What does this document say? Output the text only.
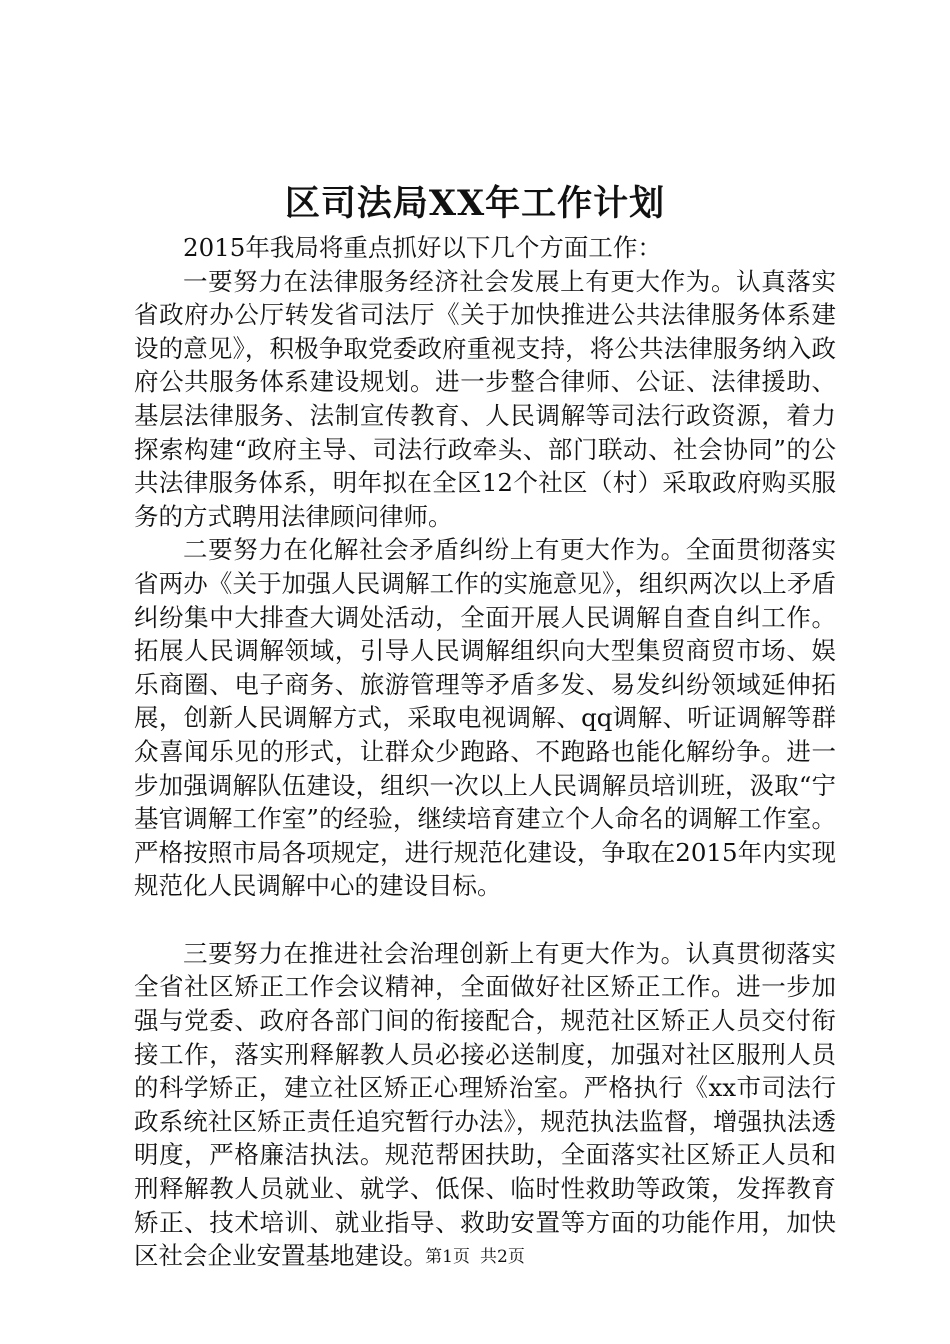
区司法局XX年工作计划

2015年我局将重点抓好以下几个方面工作：

一要努力在法律服务经济社会发展上有更大作为。认真落实省政府办公厅转发省司法厅《关于加快推进公共法律服务体系建设的意见》，积极争取党委政府重视支持，将公共法律服务纳入政府公共服务体系建设规划。进一步整合律师、公证、法律援助、基层法律服务、法制宣传教育、人民调解等司法行政资源，着力探索构建“政府主导、司法行政牵头、部门联动、社会协同”的公共法律服务体系，明年拟在全区12个社区（村）采取政府购买服务的方式聘用法律顾问律师。

二要努力在化解社会矛盾纠纷上有更大作为。全面贯彻落实省两办《关于加强人民调解工作的实施意见》，组织两次以上矛盾纠纷集中大排查大调处活动，全面开展人民调解自查自纠工作。拓展人民调解领域，引导人民调解组织向大型集贸商贸市场、娱乐商圈、电子商务、旅游管理等矛盾多发、易发纠纷领域延伸拓展，创新人民调解方式，采取电视调解、qq调解、听证调解等群众喜闻乐见的形式，让群众少跑路、不跑路也能化解纷争。进一步加强调解队伍建设，组织一次以上人民调解员培训班，汲取“宁基官调解工作室”的经验，继续培育建立个人命名的调解工作室。严格按照市局各项规定，进行规范化建设，争取在2015年内实现规范化人民调解中心的建设目标。

三要努力在推进社会治理创新上有更大作为。认真贯彻落实全省社区矫正工作会议精神，全面做好社区矫正工作。进一步加强与党委、政府各部门间的衔接配合，规范社区矫正人员交付衔接工作，落实刑释解教人员必接必送制度，加强对社区服刑人员的科学矫正，建立社区矫正心理矫治室。严格执行《xx市司法行政系统社区矫正责任追究暂行办法》，规范执法监督，增强执法透明度，严格廉洁执法。规范帮困扶助，全面落实社区矫正人员和刑释解教人员就业、就学、低保、临时性救助等政策，发挥教育矫正、技术培训、就业指导、救助安置等方面的功能作用，加快区社会企业安置基地建设。

第1页 共2页
